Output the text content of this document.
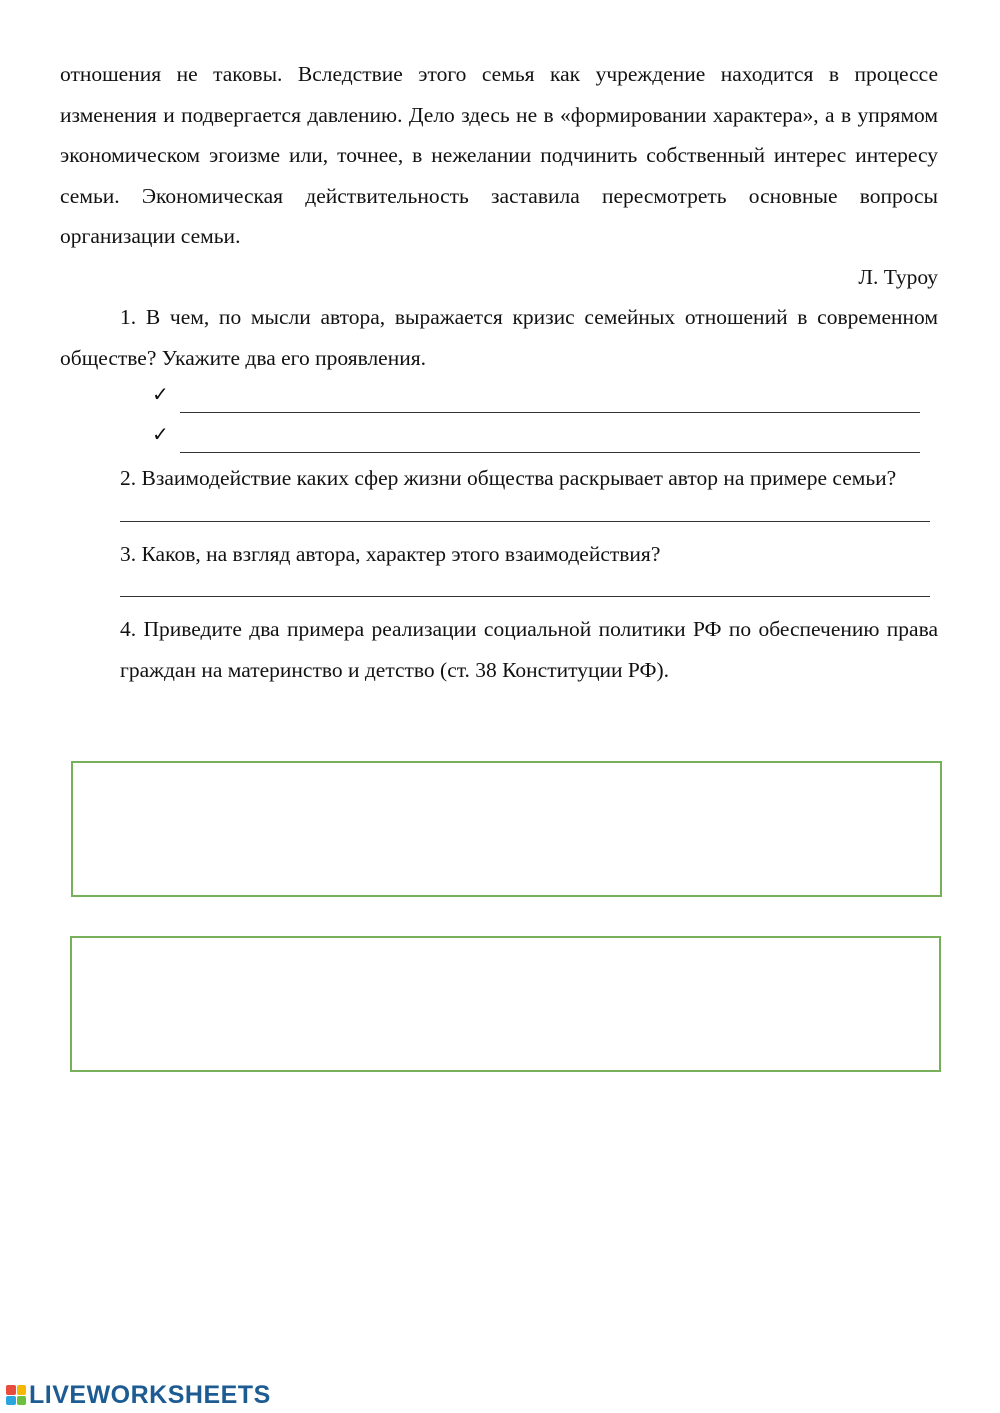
отношения не таковы. Вследствие этого семья как учреждение находится в процессе изменения и подвергается давлению. Дело здесь не в «формировании характера», а в упрямом экономическом эгоизме или, точнее, в нежелании подчинить собственный интерес интересу семьи. Экономическая действительность заставила пересмотреть основные вопросы организации семьи.

Л. Туроу

1. В чем, по мысли автора, выражается кризис семейных отношений в современном обществе? Укажите два его проявления.

✓
✓

2. Взаимодействие каких сфер жизни общества раскрывает автор на примере семьи?

3. Каков, на взгляд автора, характер этого взаимодействия?

4. Приведите два примера реализации социальной политики РФ по обеспечению права граждан на материнство и детство (ст. 38 Конституции РФ).

LIVEWORKSHEETS
